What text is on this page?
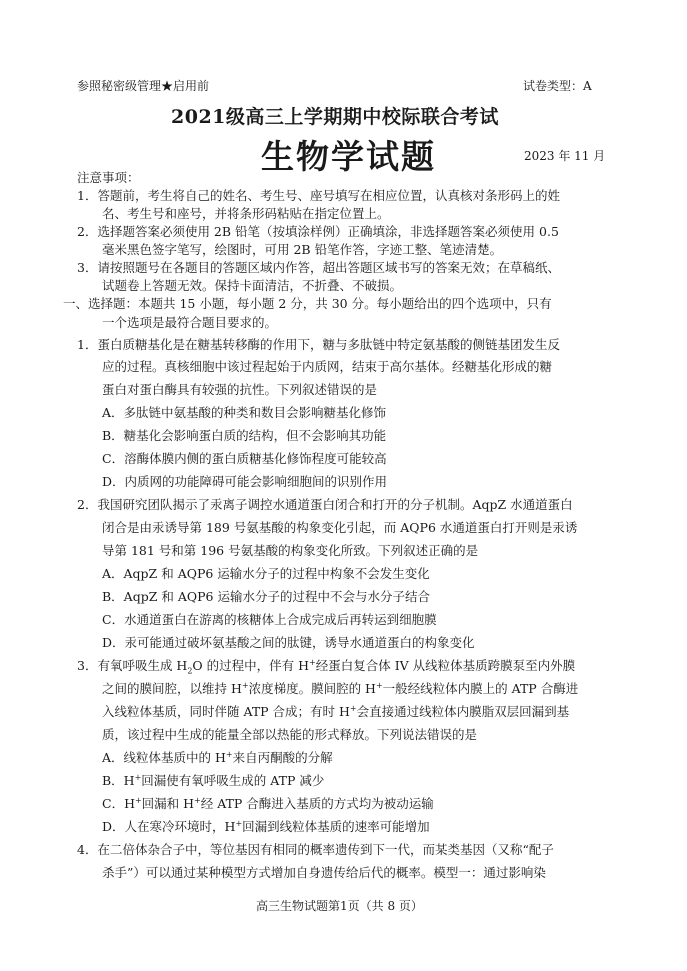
参照秘密级管理★启用前	试卷类型：A
2021级高三上学期期中校际联合考试
生物学试题	2023 年 11 月
注意事项：
1．答题前，考生将自己的姓名、考生号、座号填写在相应位置，认真核对条形码上的姓
名、考生号和座号，并将条形码粘贴在指定位置上。
2．选择题答案必须使用 2B 铅笔（按填涂样例）正确填涂，非选择题答案必须使用 0.5
毫米黑色签字笔写，绘图时，可用 2B 铅笔作答，字迹工整、笔迹清楚。
3．请按照题号在各题目的答题区域内作答，超出答题区域书写的答案无效；在草稿纸、
试题卷上答题无效。保持卡面清洁，不折叠、不破损。
一、选择题：本题共 15 小题，每小题 2 分，共 30 分。每小题给出的四个选项中，只有
一个选项是最符合题目要求的。
1．蛋白质糖基化是在糖基转移酶的作用下，糖与多肽链中特定氨基酸的侧链基团发生反
应的过程。真核细胞中该过程起始于内质网，结束于高尔基体。经糖基化形成的糖
蛋白对蛋白酶具有较强的抗性。下列叙述错误的是
A．多肽链中氨基酸的种类和数目会影响糖基化修饰
B．糖基化会影响蛋白质的结构，但不会影响其功能
C．溶酶体膜内侧的蛋白质糖基化修饰程度可能较高
D．内质网的功能障碍可能会影响细胞间的识别作用
2．我国研究团队揭示了汞离子调控水通道蛋白闭合和打开的分子机制。AqpZ 水通道蛋白
闭合是由汞诱导第 189 号氨基酸的构象变化引起，而 AQP6 水通道蛋白打开则是汞诱
导第 181 号和第 196 号氨基酸的构象变化所致。下列叙述正确的是
A．AqpZ 和 AQP6 运输水分子的过程中构象不会发生变化
B．AqpZ 和 AQP6 运输水分子的过程中不会与水分子结合
C．水通道蛋白在游离的核糖体上合成完成后再转运到细胞膜
D．汞可能通过破坏氨基酸之间的肽键，诱导水通道蛋白的构象变化
3．有氧呼吸生成 $H_2O$ 的过程中，伴有 H+经蛋白复合体 IV 从线粒体基质跨膜泵至内外膜
之间的膜间腔，以维持 H+浓度梯度。膜间腔的 H+一般经线粒体内膜上的 ATP 合酶进
入线粒体基质，同时伴随 ATP 合成；有时 H+会直接通过线粒体内膜脂双层回漏到基
质，该过程中生成的能量全部以热能的形式释放。下列说法错误的是
A．线粒体基质中的 H+来自丙酮酸的分解
B．H+回漏使有氧呼吸生成的 ATP 减少
C．H+回漏和 H+经 ATP 合酶进入基质的方式均为被动运输
D．人在寒冷环境时，H+回漏到线粒体基质的速率可能增加
4．在二倍体杂合子中，等位基因有相同的概率遗传到下一代，而某类基因（又称“配子
杀手”）可以通过某种模型方式增加自身遗传给后代的概率。模型一：通过影响染
高三生物试题第1页（共 8 页）
